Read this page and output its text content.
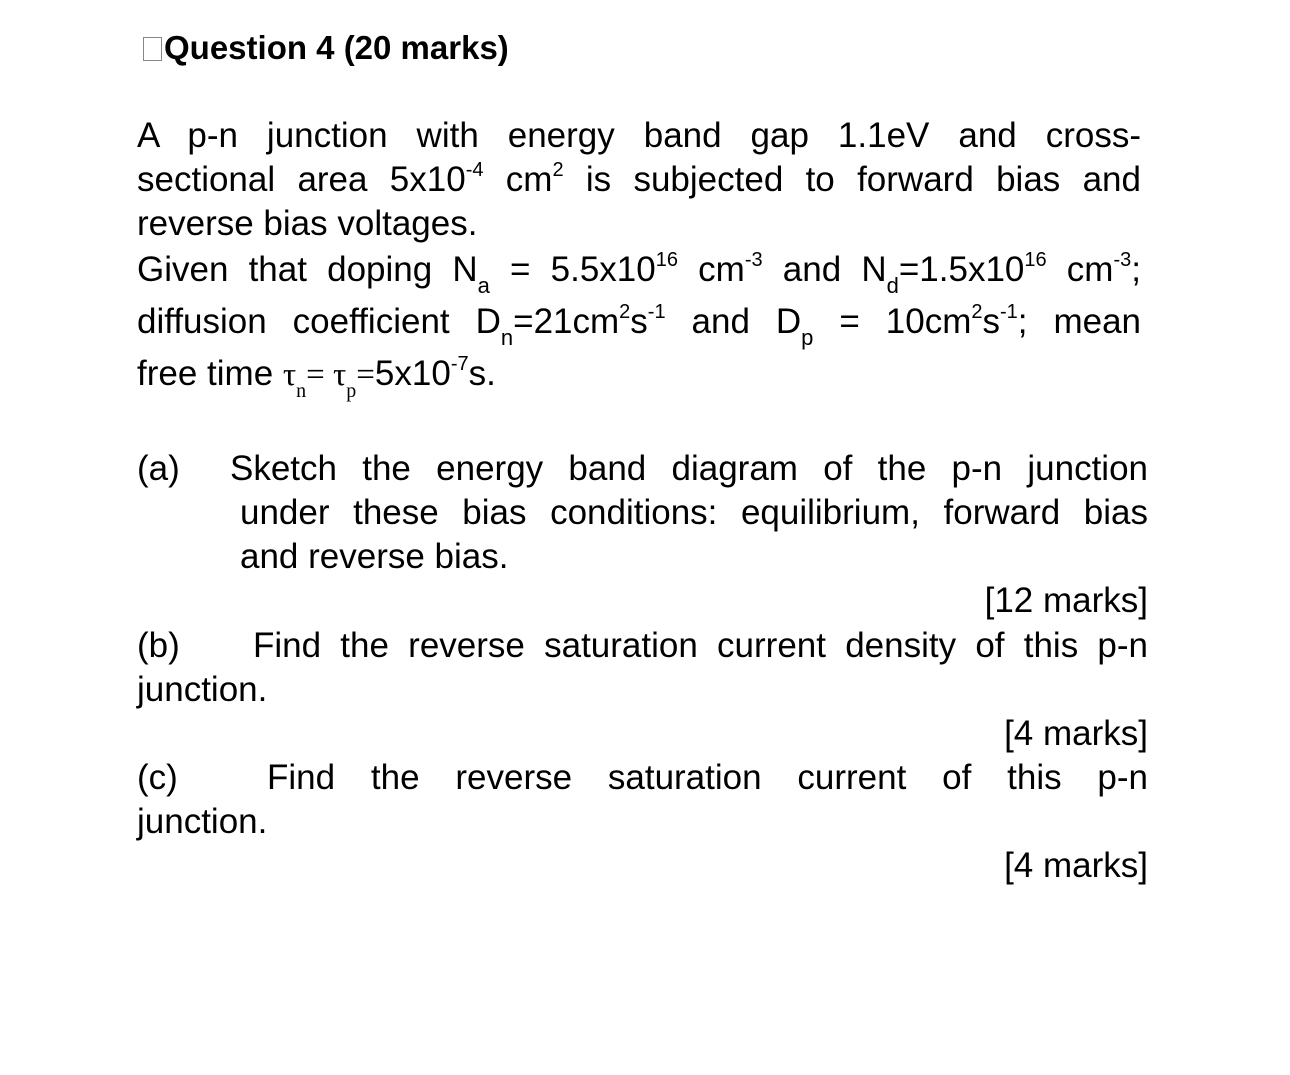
Question 4 (20 marks)
A p-n junction with energy band gap 1.1eV and cross-
sectional area $5x10^{-4}$ $cm^2$ is subjected to forward bias and
reverse bias voltages.
Given that doping $N_a = 5.5x10^{16}$ $cm^{-3}$ and $N_d=1.5x10^{16}$ $cm^{-3}$;
diffusion coefficient $D_n=21cm^2s^{-1}$ and $D_p = 10cm^2s^{-1}$; mean
free time $\tau_n= \tau_p=5x10^{-7}s$.
(a) Sketch the energy band diagram of the p-n junction
under these bias conditions: equilibrium, forward bias
and reverse bias.
[12 marks]
(b) Find the reverse saturation current density of this p-n
junction.
[4 marks]
(c)	Find the reverse saturation current of this p-n
junction.
[4 marks]
